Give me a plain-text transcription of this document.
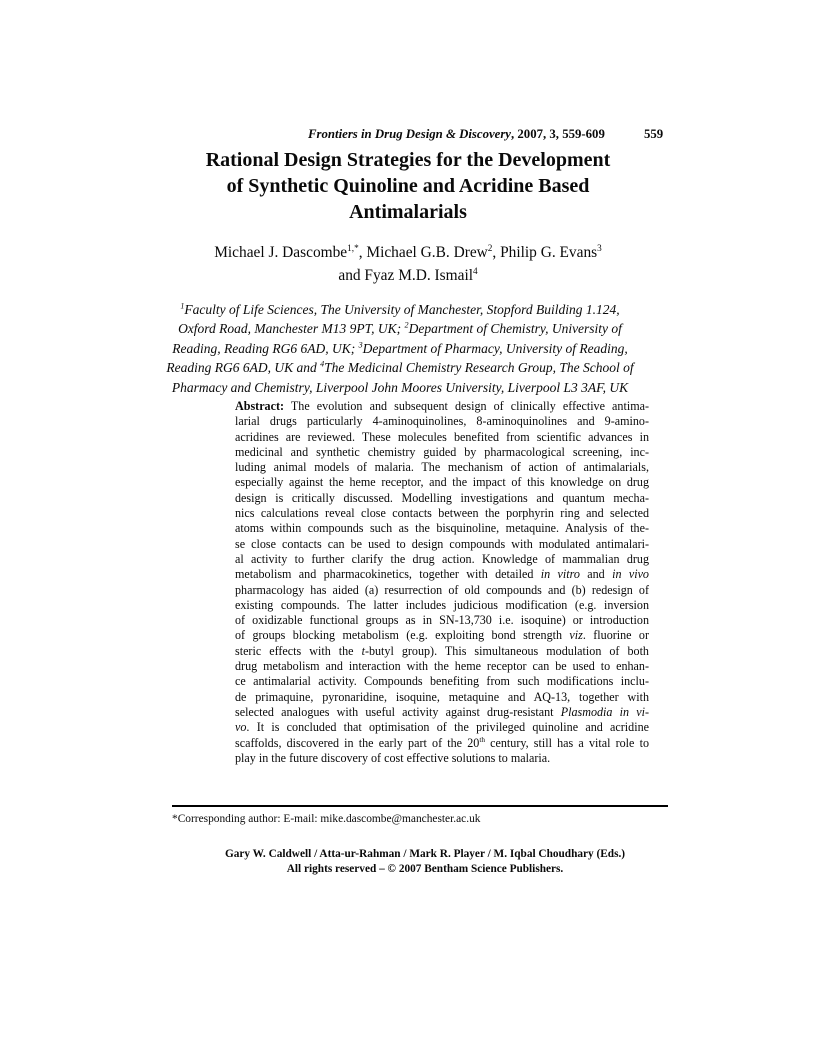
Frontiers in Drug Design & Discovery, 2007, 3, 559-609	559
Rational Design Strategies for the Development
of Synthetic Quinoline and Acridine Based
Antimalarials
Michael J. Dascombe$^{1,*}$, Michael G.B. Drew$^2$, Philip G. Evans$^3$
and Fyaz M.D. Ismail$^4$
$^1$Faculty of Life Sciences, The University of Manchester, Stopford Building 1.124,
Oxford Road, Manchester M13 9PT, UK; $^2$Department of Chemistry, University of
Reading, Reading RG6 6AD, UK; $^3$Department of Pharmacy, University of Reading,
Reading RG6 6AD, UK and $^4$The Medicinal Chemistry Research Group, The School of
Pharmacy and Chemistry, Liverpool John Moores University, Liverpool L3 3AF, UK
Abstract: The evolution and subsequent design of clinically effective antima-
larial drugs particularly 4-aminoquinolines, 8-aminoquinolines and 9-amino-
acridines are reviewed. These molecules benefited from scientific advances in
medicinal and synthetic chemistry guided by pharmacological screening, inc-
luding animal models of malaria. The mechanism of action of antimalarials,
especially against the heme receptor, and the impact of this knowledge on drug
design is critically discussed. Modelling investigations and quantum mecha-
nics calculations reveal close contacts between the porphyrin ring and selected
atoms within compounds such as the bisquinoline, metaquine. Analysis of the-
se close contacts can be used to design compounds with modulated antimalari-
al activity to further clarify the drug action. Knowledge of mammalian drug
metabolism and pharmacokinetics, together with detailed in vitro and in vivo
pharmacology has aided (a) resurrection of old compounds and (b) redesign of
existing compounds. The latter includes judicious modification (e.g. inversion
of oxidizable functional groups as in SN-13,730 i.e. isoquine) or introduction
of groups blocking metabolism (e.g. exploiting bond strength viz. fluorine or
steric effects with the t-butyl group). This simultaneous modulation of both
drug metabolism and interaction with the heme receptor can be used to enhan-
ce antimalarial activity. Compounds benefiting from such modifications inclu-
de primaquine, pyronaridine, isoquine, metaquine and AQ-13, together with
selected analogues with useful activity against drug-resistant Plasmodia in vi-
vo. It is concluded that optimisation of the privileged quinoline and acridine
scaffolds, discovered in the early part of the 20th century, still has a vital role to
play in the future discovery of cost effective solutions to malaria.
*Corresponding author: E-mail: mike.dascombe@manchester.ac.uk
Gary W. Caldwell / Atta-ur-Rahman / Mark R. Player / M. Iqbal Choudhary (Eds.)
All rights reserved – © 2007 Bentham Science Publishers.
